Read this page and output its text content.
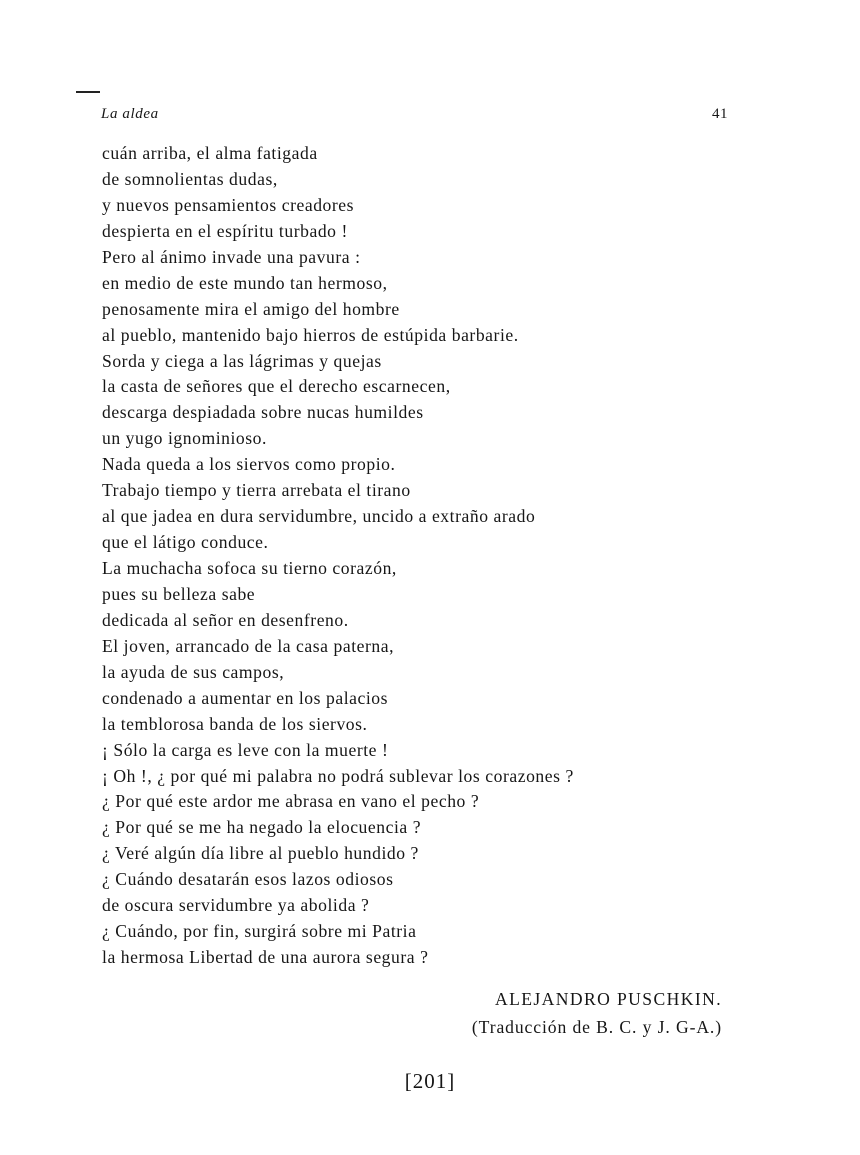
La aldea	41
cuán arriba, el alma fatigada
de somnolientas dudas,
y nuevos pensamientos creadores
despierta en el espíritu turbado !
Pero al ánimo invade una pavura :
en medio de este mundo tan hermoso,
penosamente mira el amigo del hombre
al pueblo, mantenido bajo hierros de estúpida barbarie.
Sorda y ciega a las lágrimas y quejas
la casta de señores que el derecho escarnecen,
descarga despiadada sobre nucas humildes
un yugo ignominioso.
Nada queda a los siervos como propio.
Trabajo tiempo y tierra arrebata el tirano
al que jadea en dura servidumbre, uncido a extraño arado
que el látigo conduce.
La muchacha sofoca su tierno corazón,
pues su belleza sabe
dedicada al señor en desenfreno.
El joven, arrancado de la casa paterna,
la ayuda de sus campos,
condenado a aumentar en los palacios
la temblorosa banda de los siervos.
¡ Sólo la carga es leve con la muerte !
¡ Oh !, ¿ por qué mi palabra no podrá sublevar los corazones ?
¿ Por qué este ardor me abrasa en vano el pecho ?
¿ Por qué se me ha negado la elocuencia ?
¿ Veré algún día libre al pueblo hundido ?
¿ Cuándo desatarán esos lazos odiosos
de oscura servidumbre ya abolida ?
¿ Cuándo, por fin, surgirá sobre mi Patria
la hermosa Libertad de una aurora segura ?
ALEJANDRO PUSCHKIN.
(Traducción de B. C. y J. G-A.)
[201]
